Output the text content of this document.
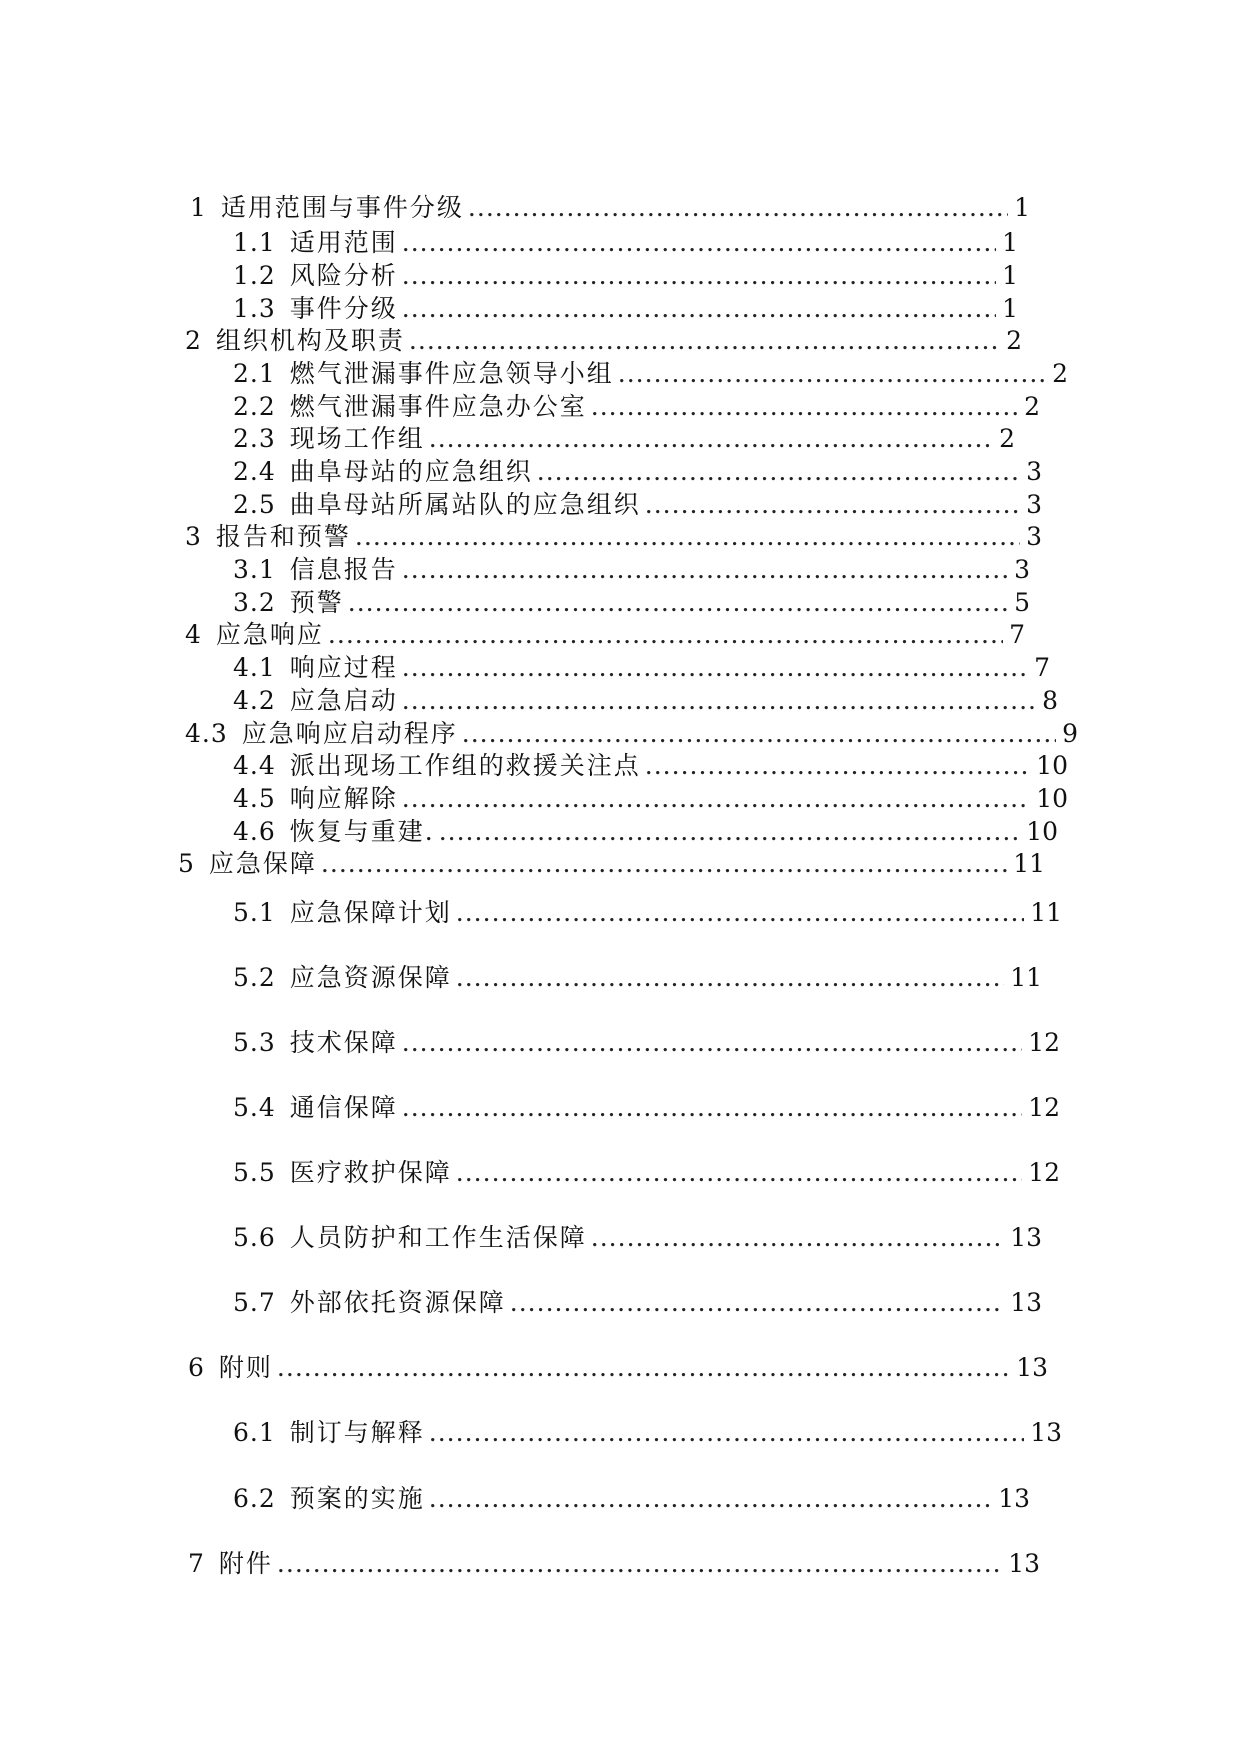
1 适用范围与事件分级 .....	1
1.1 适用范围 .....	1
1.2 风险分析 .....	1
1.3 事件分级 .....	1
2 组织机构及职责 .....	2
2.1 燃气泄漏事件应急领导小组 .....	2
2.2 燃气泄漏事件应急办公室 .....	2
2.3 现场工作组 .....	2
2.4 曲阜母站的应急组织 .....	3
2.5 曲阜母站所属站队的应急组织 .....	3
3 报告和预警 .....	3
3.1 信息报告 .....	3
3.2 预警 .....	5
4 应急响应 .....	7
4.1 响应过程 .....	7
4.2 应急启动 .....	8
4.3 应急响应启动程序 .....	9
4.4 派出现场工作组的救援关注点 .....	10
4.5 响应解除 .....	10
4.6 恢复与重建. .....	10
5 应急保障 .....	11
5.1 应急保障计划 .....	11
5.2 应急资源保障 .....	11
5.3 技术保障 .....	12
5.4 通信保障 .....	12
5.5 医疗救护保障 .....	12
5.6 人员防护和工作生活保障 .....	13
5.7 外部依托资源保障 .....	13
6 附则 .....	13
6.1 制订与解释 .....	13
6.2 预案的实施 .....	13
7 附件 .....	13
